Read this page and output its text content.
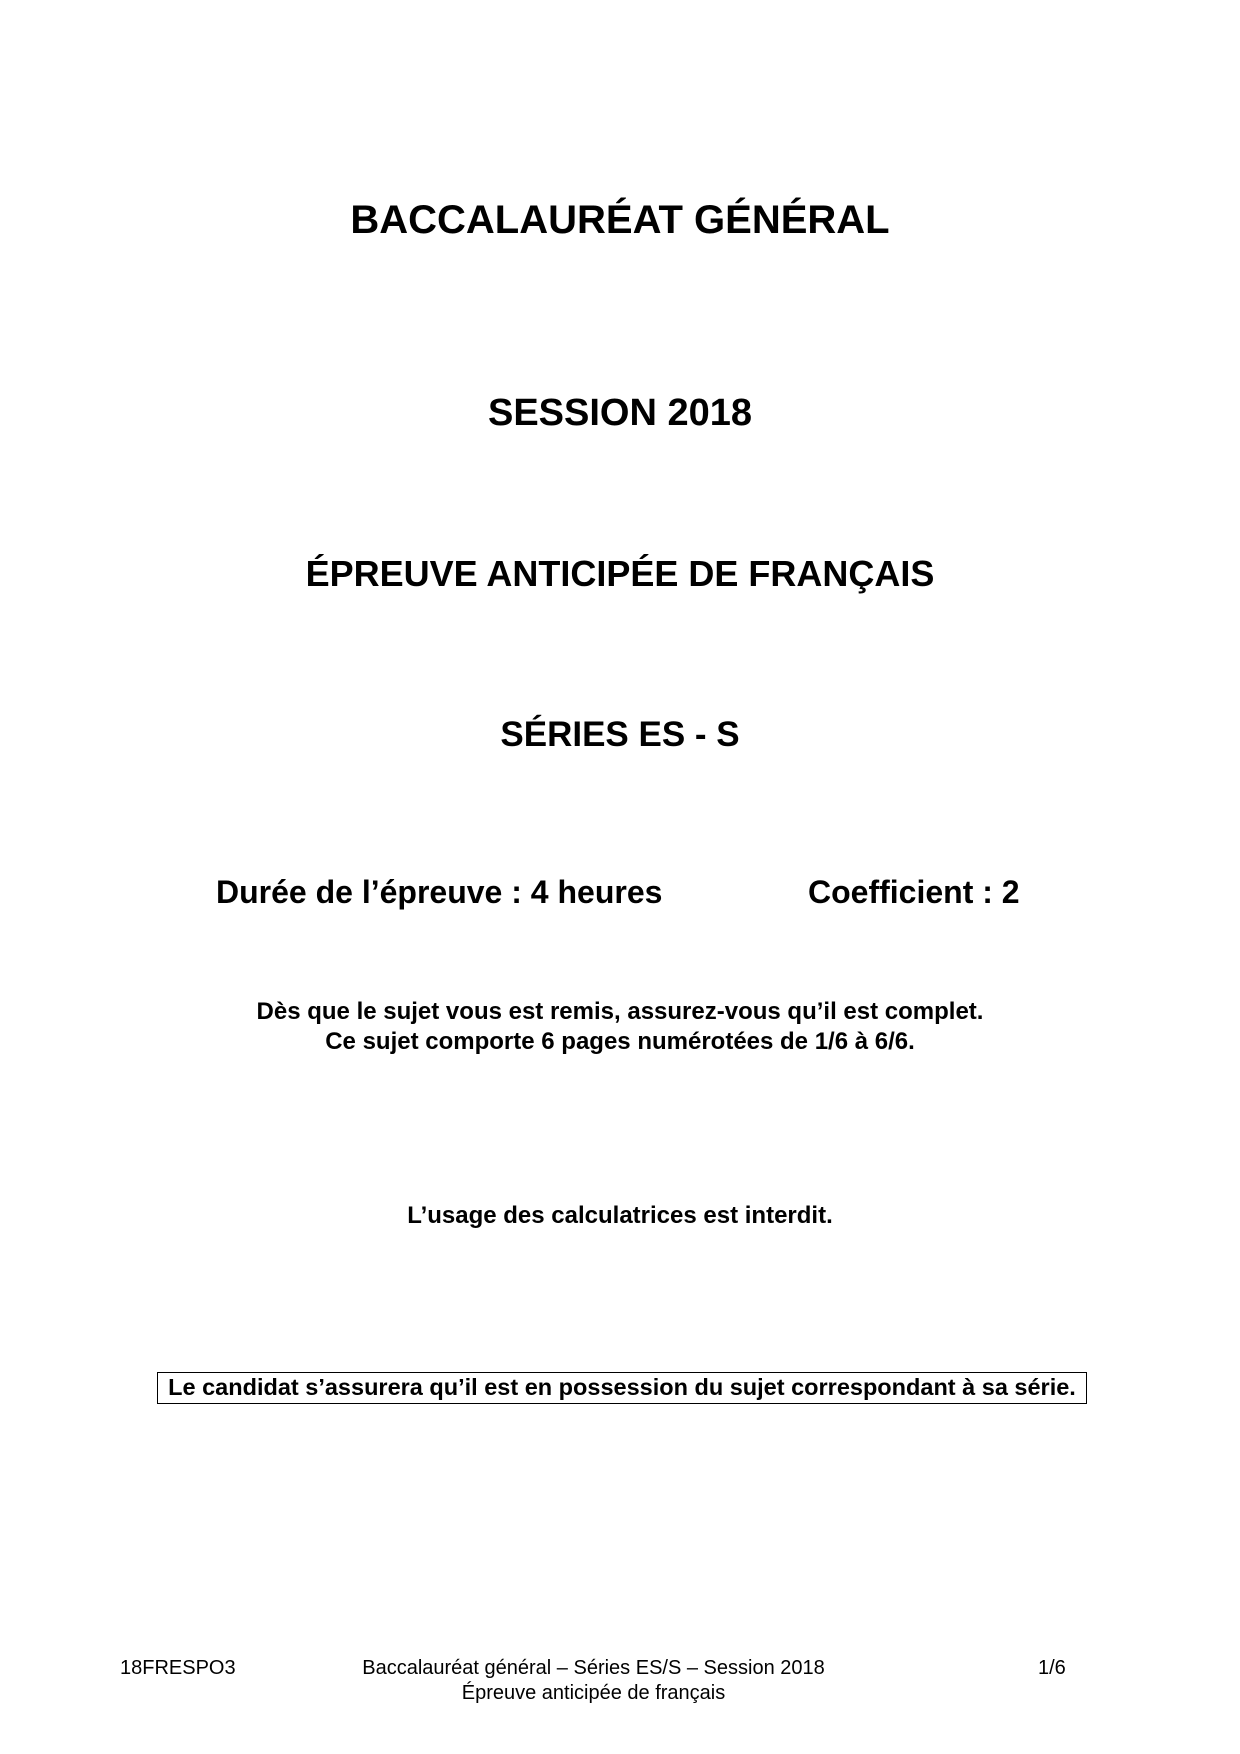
BACCALAURÉAT GÉNÉRAL
SESSION 2018
ÉPREUVE ANTICIPÉE DE FRANÇAIS
SÉRIES ES - S
Durée de l’épreuve : 4 heures	Coefficient : 2
Dès que le sujet vous est remis, assurez-vous qu’il est complet.
Ce sujet comporte 6 pages numérotées de 1/6 à 6/6.
L’usage des calculatrices est interdit.
Le candidat s’assurera qu’il est en possession du sujet correspondant à sa série.
18FRESPO3	Baccalauréat général – Séries ES/S – Session 2018
Épreuve anticipée de français
1/6
